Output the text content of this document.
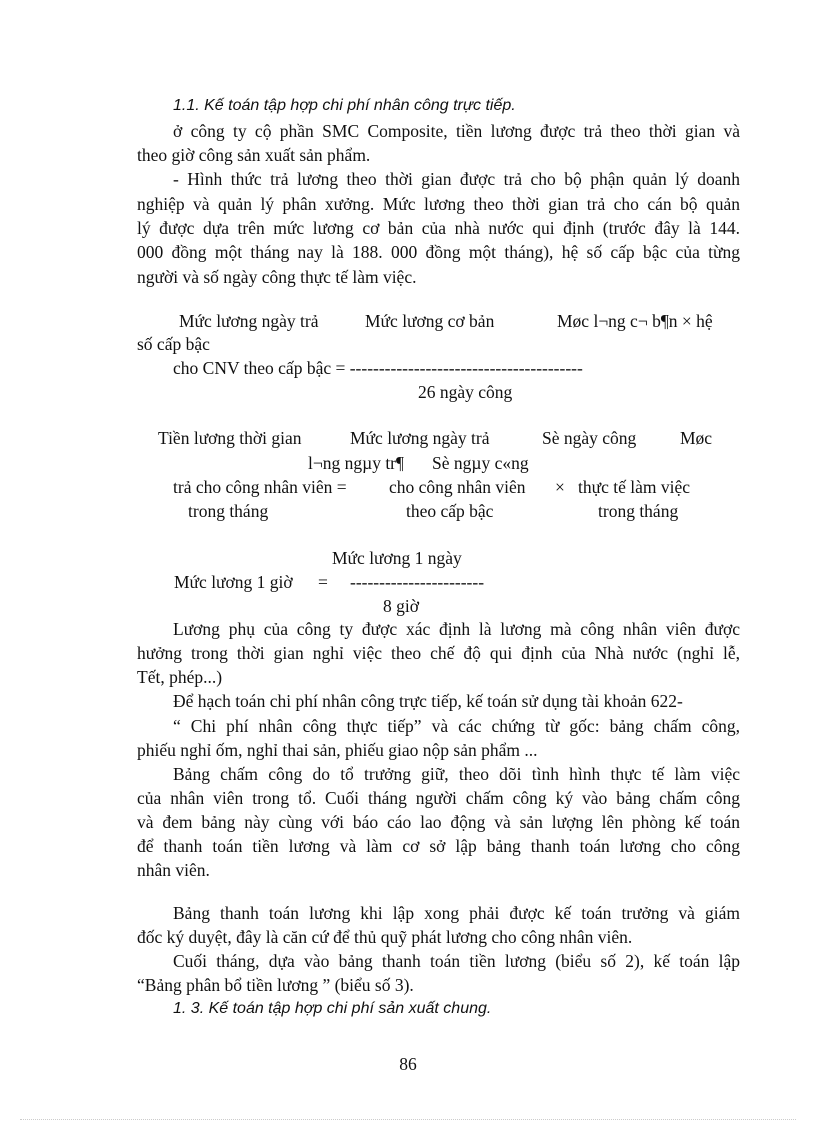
1.1. Kế toán tập hợp chi phí nhân công trực tiếp.
ở công ty cộ phần SMC Composite, tiền lương được trả theo thời gian và
theo giờ công sản xuất sản phẩm.
- Hình thức trả lương theo thời gian được trả cho bộ phận quản lý doanh
nghiệp và quản lý phân xưởng. Mức lương theo thời gian trả cho cán bộ quản
lý được dựa trên mức lương cơ bản của nhà nước qui định (trước đây là 144.
000 đồng một tháng nay là 188. 000 đồng một tháng), hệ số cấp bậc của từng
người và số ngày công thực tế làm việc.
Mức lương ngày trả	Mức lương cơ bản	Møc l¬ng c¬ b¶n × hệ
số cấp bậc
cho CNV theo cấp bậc = ----------------------------------------
26 ngày công
Tiền lương thời gian	Mức lương ngày trả	Sè ngày công Møc
l¬ng ngµy tr¶ Sè ngµy c«ng
trả cho công nhân viên = cho công nhân viên × thực tế làm việc
trong tháng	theo cấp bậc	trong tháng
Mức lương 1 ngày
Mức lương 1 giờ = -----------------------
8 giờ
Lương phụ của công ty được xác định là lương mà công nhân viên được
hưởng trong thời gian nghỉ việc theo chế độ qui định của Nhà nước (nghỉ lễ,
Tết, phép...)
Để hạch toán chi phí nhân công trực tiếp, kế toán sử dụng tài khoản 622-
“ Chi phí nhân công thực tiếp” và các chứng từ gốc: bảng chấm công,
phiếu nghỉ ốm, nghỉ thai sản, phiếu giao nộp sản phẩm ...
Bảng chấm công do tổ trưởng giữ, theo dõi tình hình thực tế làm việc
của nhân viên trong tổ. Cuối tháng người chấm công ký vào bảng chấm công
và đem bảng này cùng với báo cáo lao động và sản lượng lên phòng kế toán
để thanh toán tiền lương và làm cơ sở lập bảng thanh toán lương cho công
nhân viên.
Bảng thanh toán lương khi lập xong phải được kế toán trưởng và giám
đốc ký duyệt, đây là căn cứ để thủ quỹ phát lương cho công nhân viên.
Cuối tháng, dựa vào bảng thanh toán tiền lương (biểu số 2), kế toán lập
“Bảng phân bổ tiền lương ” (biểu số 3).
1. 3. Kế toán tập hợp chi phí sản xuất chung.
86
